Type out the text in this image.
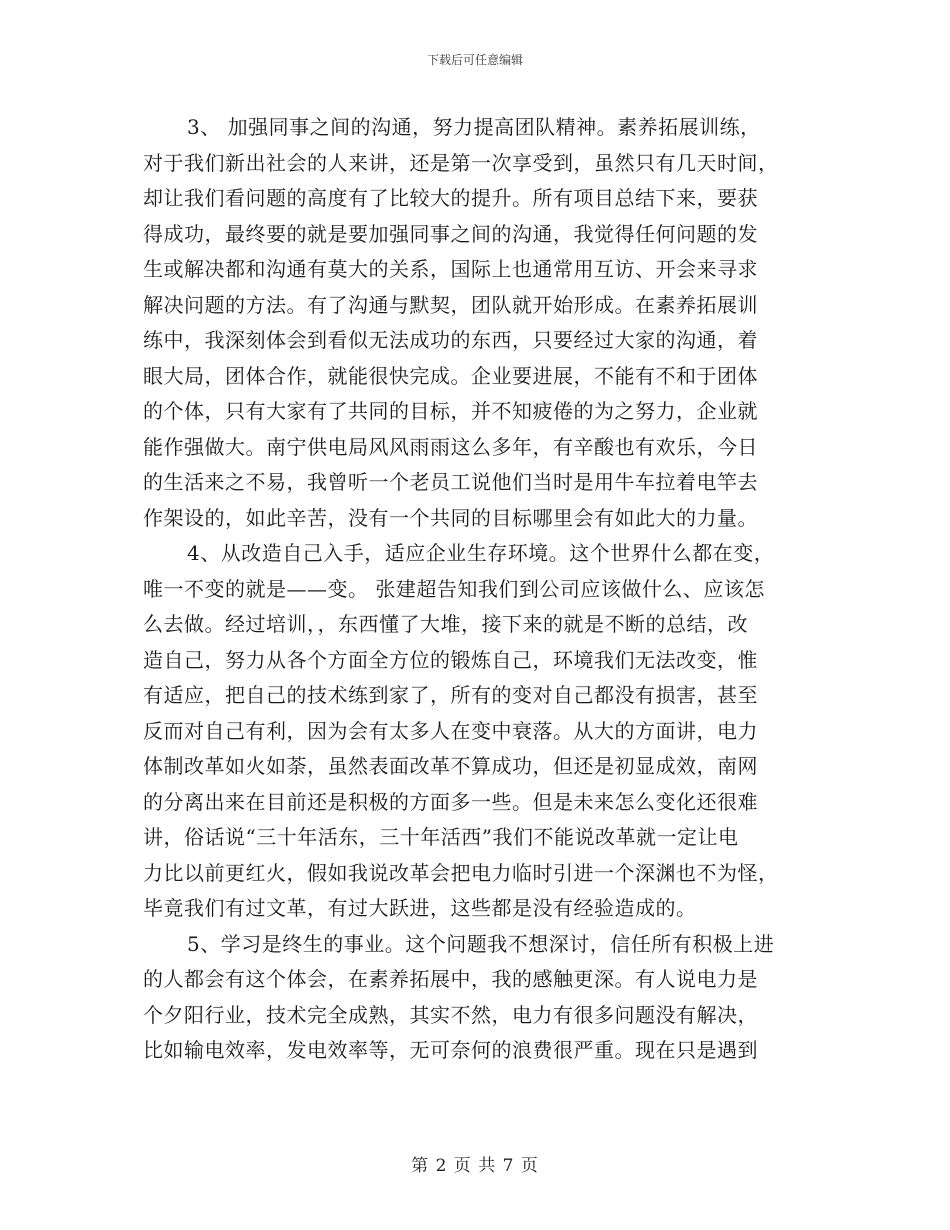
下载后可任意编辑
3、 加强同事之间的沟通，努力提高团队精神。素养拓展训练，
对于我们新出社会的人来讲，还是第一次享受到，虽然只有几天时间，
却让我们看问题的高度有了比较大的提升。所有项目总结下来，要获
得成功，最终要的就是要加强同事之间的沟通，我觉得任何问题的发
生或解决都和沟通有莫大的关系，国际上也通常用互访、开会来寻求
解决问题的方法。有了沟通与默契，团队就开始形成。在素养拓展训
练中，我深刻体会到看似无法成功的东西，只要经过大家的沟通，着
眼大局，团体合作，就能很快完成。企业要进展，不能有不和于团体
的个体，只有大家有了共同的目标，并不知疲倦的为之努力，企业就
能作强做大。南宁供电局风风雨雨这么多年，有辛酸也有欢乐，今日
的生活来之不易，我曾听一个老员工说他们当时是用牛车拉着电竿去
作架设的，如此辛苦，没有一个共同的目标哪里会有如此大的力量。
4、从改造自己入手，适应企业生存环境。这个世界什么都在变，
唯一不变的就是——变。 张建超告知我们到公司应该做什么、应该怎
么去做。经过培训，，东西懂了大堆，接下来的就是不断的总结，改
造自己，努力从各个方面全方位的锻炼自己，环境我们无法改变，惟
有适应，把自己的技术练到家了，所有的变对自己都没有损害，甚至
反而对自己有利，因为会有太多人在变中衰落。从大的方面讲，电力
体制改革如火如荼，虽然表面改革不算成功，但还是初显成效，南网
的分离出来在目前还是积极的方面多一些。但是未来怎么变化还很难
讲，俗话说“三十年活东，三十年活西”我们不能说改革就一定让电
力比以前更红火，假如我说改革会把电力临时引进一个深渊也不为怪，
毕竟我们有过文革，有过大跃进，这些都是没有经验造成的。
5、学习是终生的事业。这个问题我不想深讨，信任所有积极上进
的人都会有这个体会，在素养拓展中，我的感触更深。有人说电力是
个夕阳行业，技术完全成熟，其实不然，电力有很多问题没有解决，
比如输电效率，发电效率等，无可奈何的浪费很严重。现在只是遇到
第 2 页 共 7 页
